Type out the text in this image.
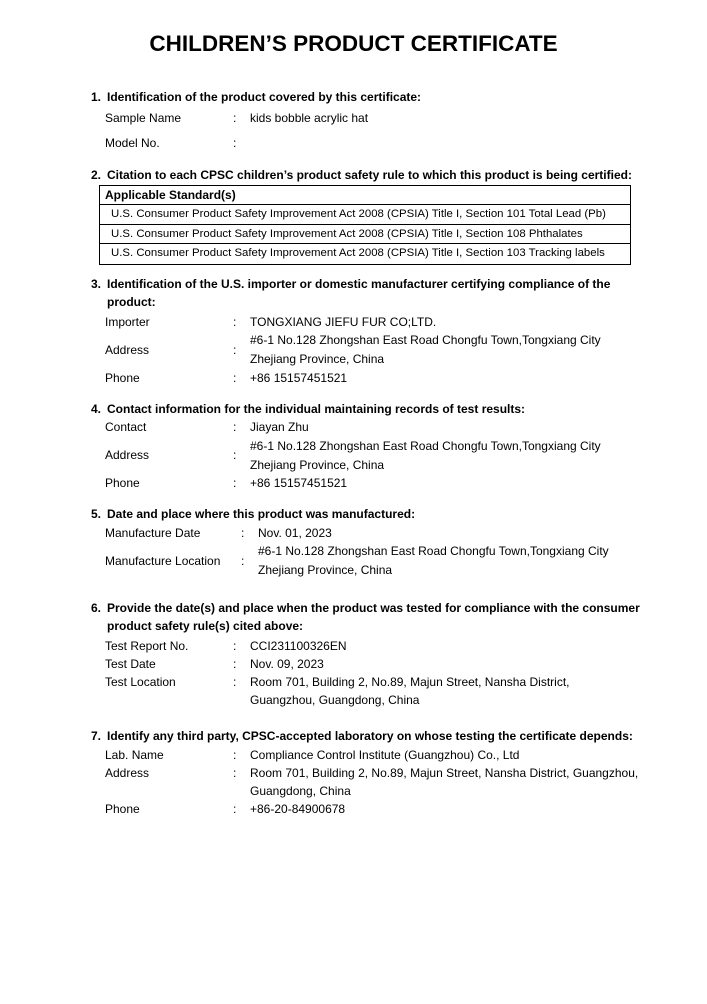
CHILDREN’S PRODUCT CERTIFICATE
1. Identification of the product covered by this certificate:
Sample Name	: kids bobble acrylic hat
Model No.	:
2. Citation to each CPSC children’s product safety rule to which this product is being certified:
Applicable Standard(s)
U.S. Consumer Product Safety Improvement Act 2008 (CPSIA) Title I, Section 101 Total Lead (Pb)
U.S. Consumer Product Safety Improvement Act 2008 (CPSIA) Title I, Section 108 Phthalates
U.S. Consumer Product Safety Improvement Act 2008 (CPSIA) Title I, Section 103 Tracking labels
3. Identification of the U.S. importer or domestic manufacturer certifying compliance of the
product:
Importer	: TONGXIANG JIEFU FUR CO;LTD.
Address	:
#6-1 No.128 Zhongshan East Road Chongfu Town,Tongxiang City
Zhejiang Province, China
Phone	: +86 15157451521
4. Contact information for the individual maintaining records of test results:
Contact	: Jiayan Zhu
Address	:
#6-1 No.128 Zhongshan East Road Chongfu Town,Tongxiang City
Zhejiang Province, China
Phone	: +86 15157451521
5. Date and place where this product was manufactured:
Manufacture Date	: Nov. 01, 2023
Manufacture Location :
#6-1 No.128 Zhongshan East Road Chongfu Town,Tongxiang City
Zhejiang Province, China
6. Provide the date(s) and place when the product was tested for compliance with the consumer
product safety rule(s) cited above:
Test Report No.	: CCI231100326EN
Test Date	: Nov. 09, 2023
Test Location	: Room 701, Building 2, No.89, Majun Street, Nansha District,
Guangzhou, Guangdong, China
7. Identify any third party, CPSC-accepted laboratory on whose testing the certificate depends:
Lab. Name	: Compliance Control Institute (Guangzhou) Co., Ltd
Address	: Room 701, Building 2, No.89, Majun Street, Nansha District, Guangzhou,
Guangdong, China
Phone	: +86-20-84900678
